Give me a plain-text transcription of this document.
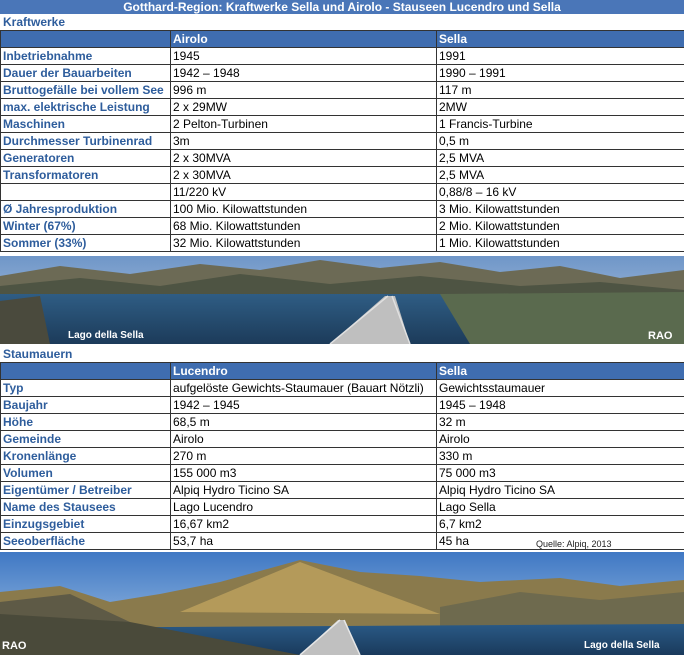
Gotthard-Region: Kraftwerke Sella und Airolo - Stauseen Lucendro und Sella
Kraftwerke
	Airolo	Sella
Inbetriebnahme	1945	1991
Dauer der Bauarbeiten	1942 – 1948	1990 – 1991
Bruttogefälle bei vollem See	996 m	117 m
max. elektrische Leistung	2 x 29MW	2MW
Maschinen	2 Pelton-Turbinen	1 Francis-Turbine
Durchmesser Turbinenrad	3m	0,5 m
Generatoren	2 x 30MVA	2,5 MVA
Transformatoren	2 x 30MVA	2,5 MVA
	11/220 kV	0,88/8 – 16 kV
Ø Jahresproduktion	100 Mio. Kilowattstunden	3 Mio. Kilowattstunden
Winter (67%)	68 Mio. Kilowattstunden	2 Mio. Kilowattstunden
Sommer (33%)	32 Mio. Kilowattstunden	1 Mio. Kilowattstunden
Lago della Sella	RAO
Staumauern
	Lucendro	Sella
Typ	aufgelöste Gewichts-Staumauer (Bauart Nötzli)	Gewichtsstaumauer
Baujahr	1942 – 1945	1945 – 1948
Höhe	68,5 m	32 m
Gemeinde	Airolo	Airolo
Kronenlänge	270 m	330 m
Volumen	155 000 m3	75 000 m3
Eigentümer / Betreiber	Alpiq Hydro Ticino SA	Alpiq Hydro Ticino SA
Name des Stausees	Lago Lucendro	Lago Sella
Einzugsgebiet	16,67 km2	6,7 km2
Seeoberfläche	53,7 ha	45 ha	Quelle: Alpiq, 2013
RAO	Lago della Sella
